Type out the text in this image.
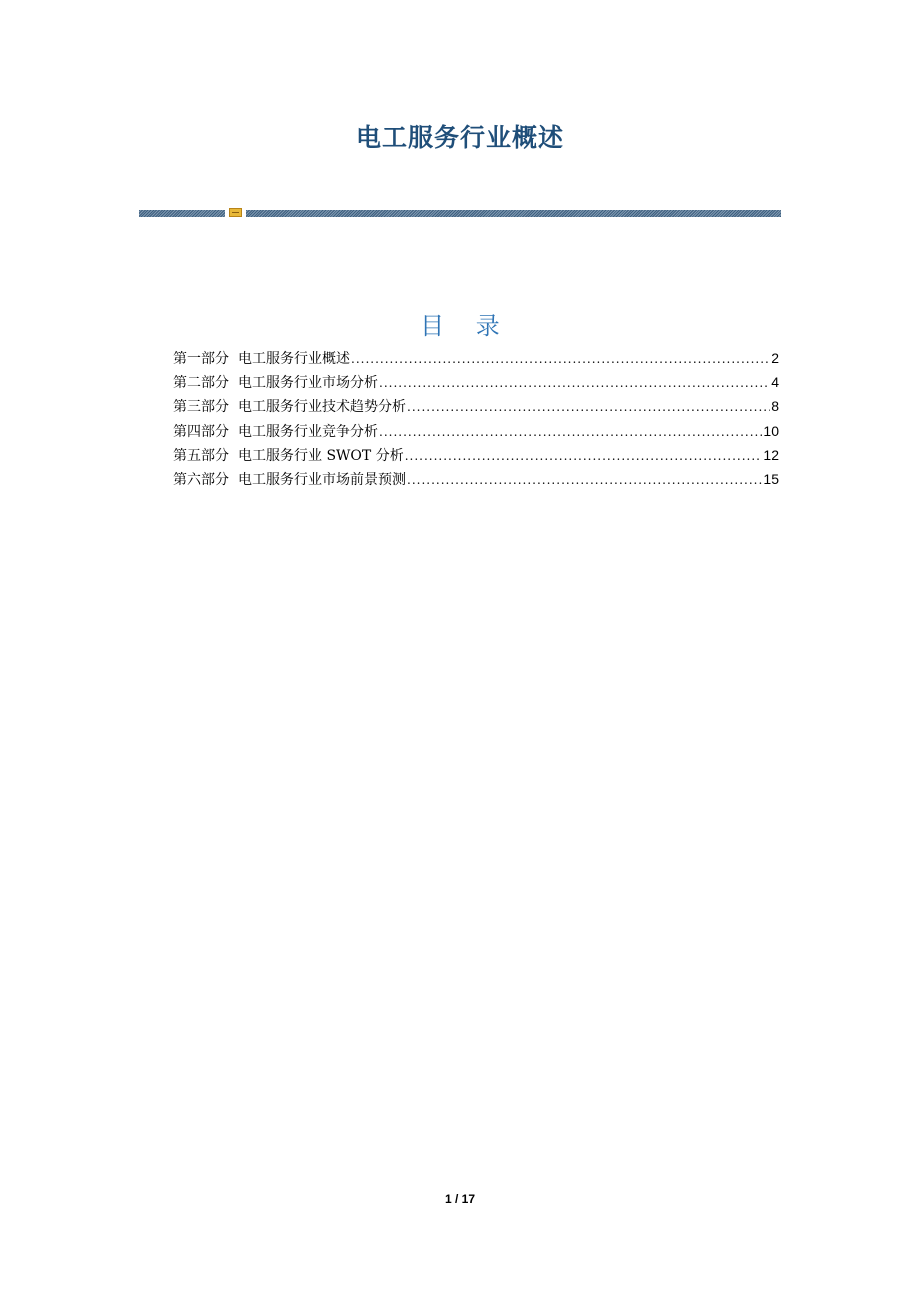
电工服务行业概述
目 录
第一部分 电工服务行业概述 .....	2
第二部分 电工服务行业市场分析 .....	4
第三部分 电工服务行业技术趋势分析 .....	8
第四部分 电工服务行业竞争分析 .....	10
第五部分 电工服务行业 SWOT 分析 .....	12
第六部分 电工服务行业市场前景预测 .....	15
1 / 17
